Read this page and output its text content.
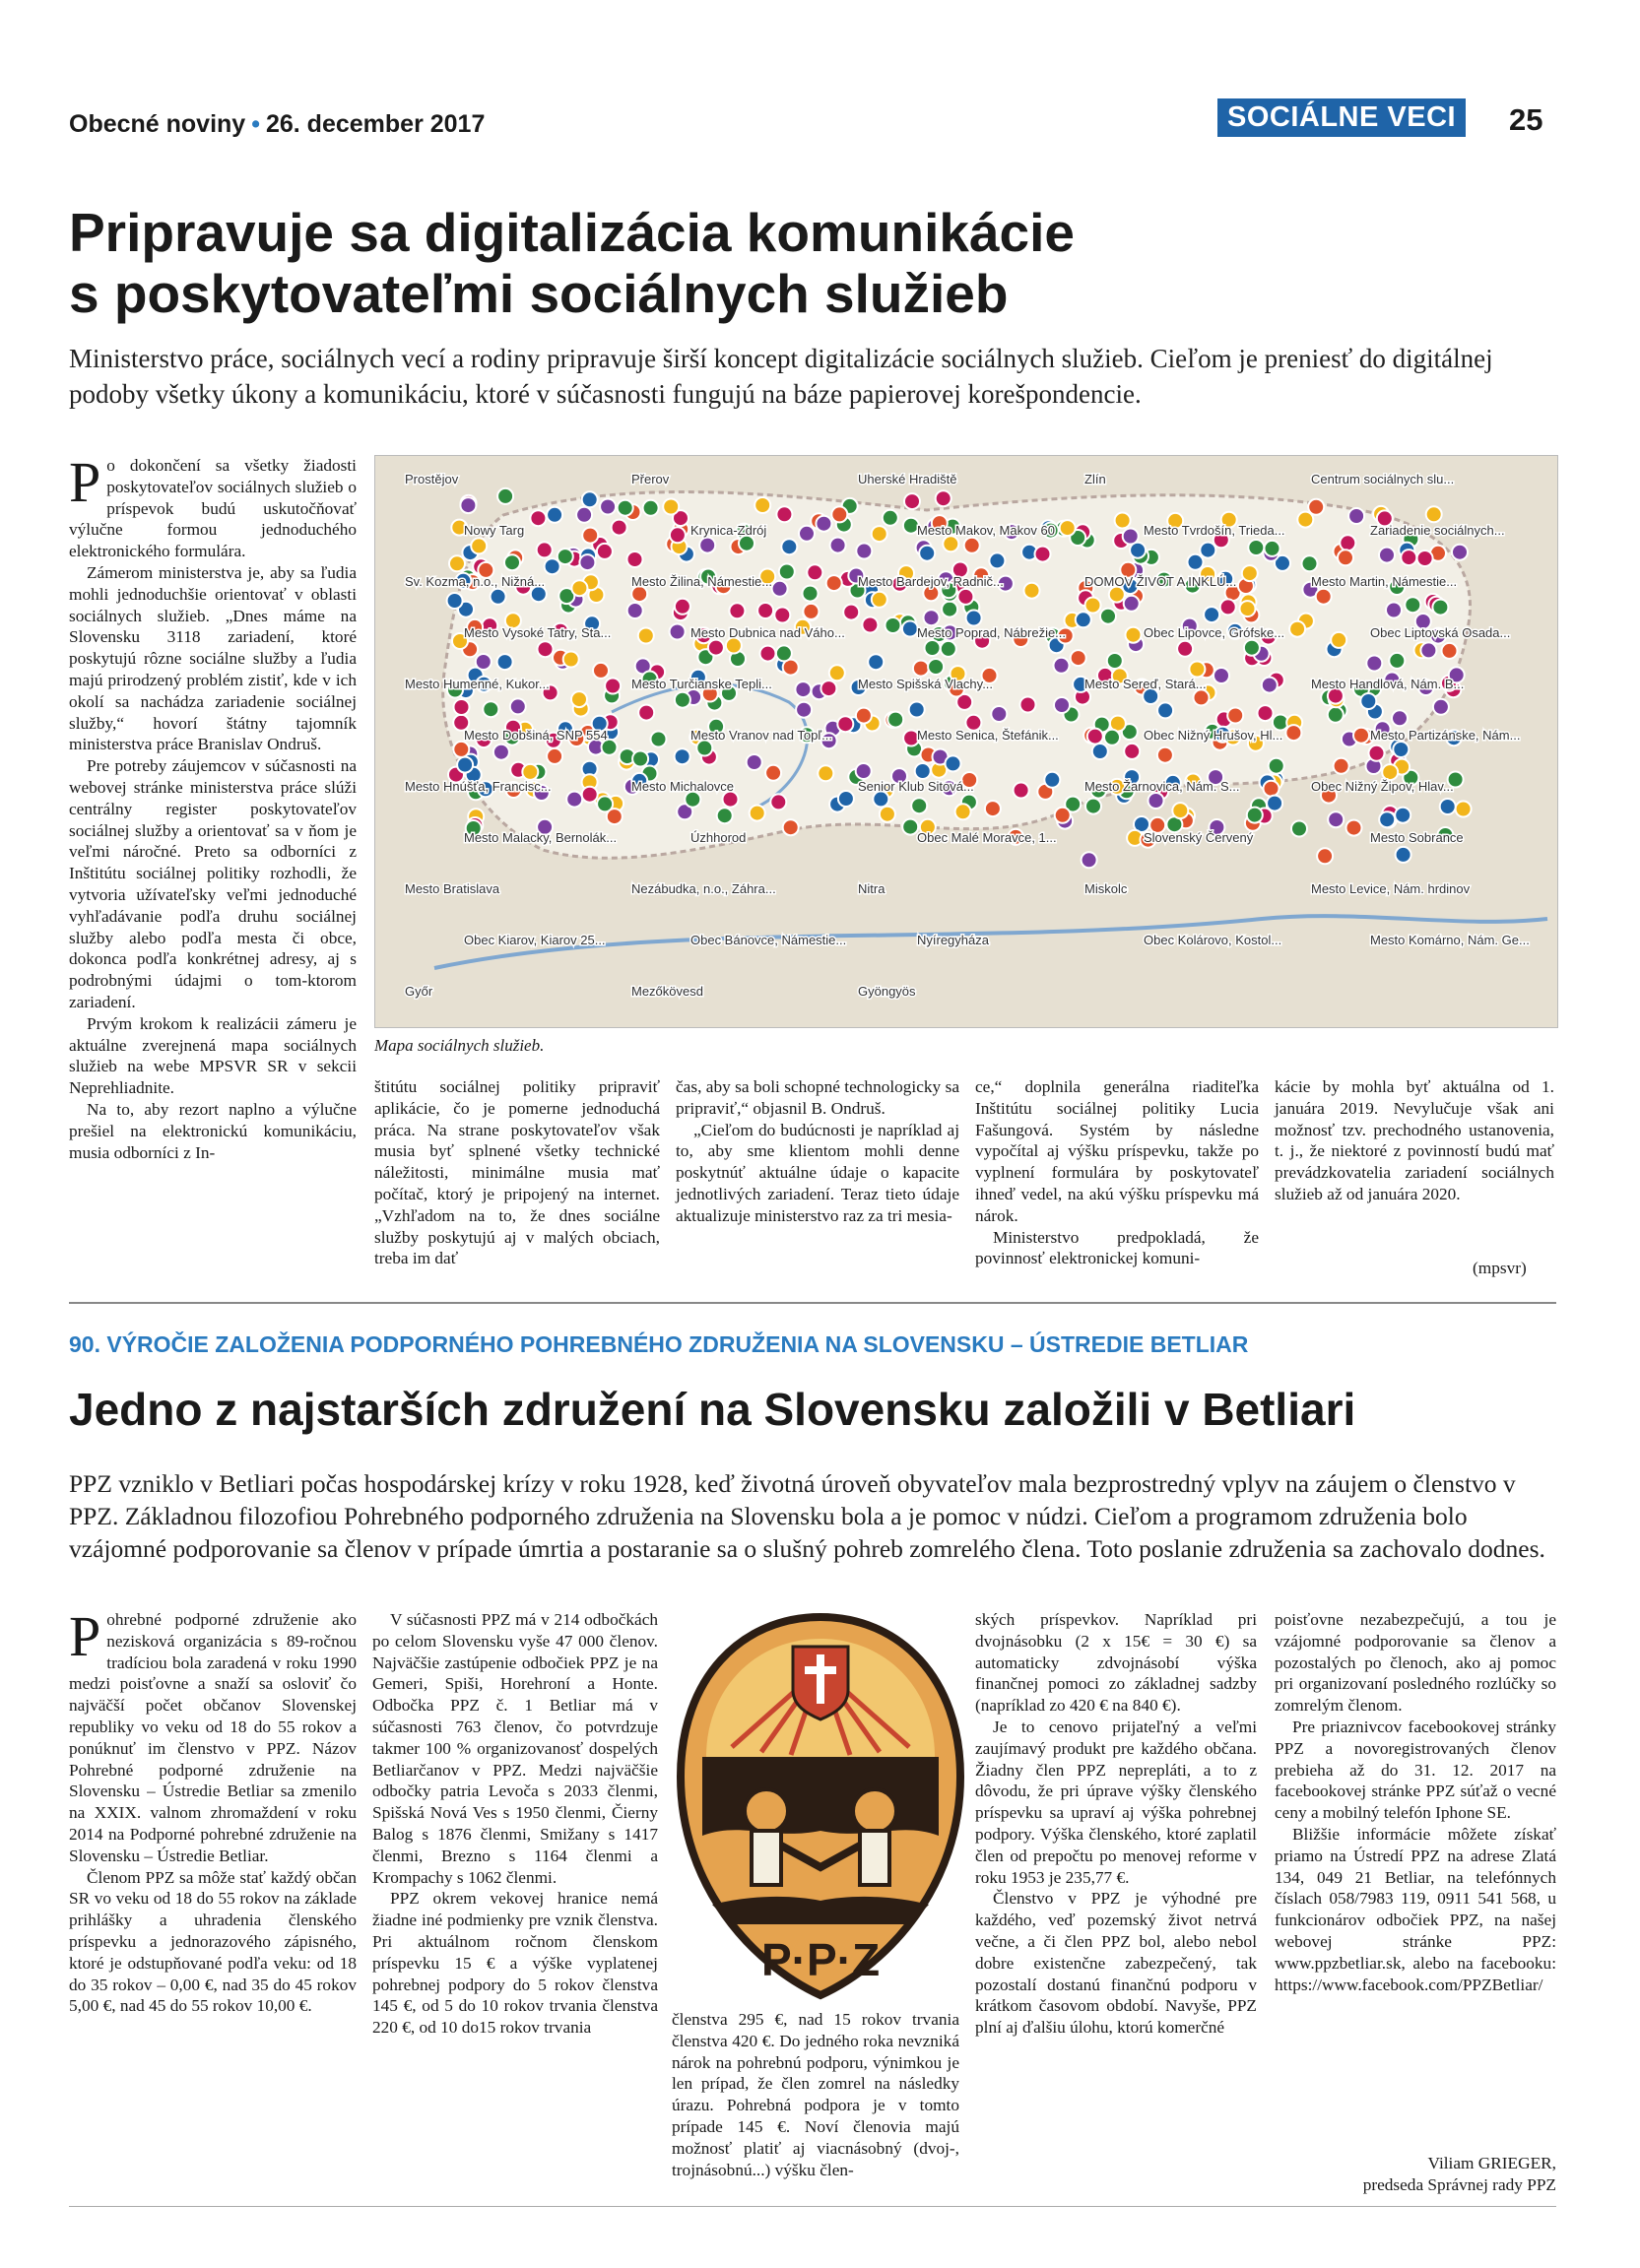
Obecné noviny • 26. december 2017	SOCIÁLNE VECI	25
Pripravuje sa digitalizácia komunikácie
s poskytovateľmi sociálnych služieb
Ministerstvo práce, sociálnych vecí a rodiny pripravuje širší koncept digitalizácie sociálnych služieb. Cieľom je preniesť do digitálnej podoby všetky úkony a komunikáciu, ktoré v súčasnosti fungujú na báze papierovej korešpondencie.

Po dokončení sa všetky žiadosti poskytovateľov sociálnych služieb o príspevok budú uskutočňovať výlučne formou jednoduchého elektronického formulára.

Zámerom ministerstva je, aby sa ľudia mohli jednoduchšie orientovať v oblasti sociálnych služieb. „Dnes máme na Slovensku 3118 zariadení, ktoré poskytujú rôzne sociálne služby a ľudia majú prirodzený problém zistiť, kde v ich okolí sa nachádza zariadenie sociálnej služby,“ hovorí štátny tajomník ministerstva práce Branislav Ondruš.

Pre potreby záujemcov v súčasnosti na webovej stránke ministerstva práce slúži centrálny register poskytovateľov sociálnej služby a orientovať sa v ňom je veľmi náročné. Preto sa odborníci z Inštitútu sociálnej politiky rozhodli, že vytvoria užívateľsky veľmi jednoduché vyhľadávanie podľa druhu sociálnej služby alebo podľa mesta či obce, dokonca podľa konkrétnej adresy, aj s podrobnými údajmi o tom-ktorom zariadení.

Prvým krokom k realizácii zámeru je aktuálne zverejnená mapa sociálnych služieb na webe MPSVR SR v sekcii Neprehliadnite.

Na to, aby rezort naplno a výlučne prešiel na elektronickú komunikáciu, musia odborníci z In-

Prostějov	Přerov	Uherské Hradiště	Zlín	Centrum sociálnych slu...
Nowy Targ	Krynica-Zdrój	Mesto Makov, Makov 60	Mesto Tvrdošín, Trieda...	Zariadenie sociálnych...
Sv. Kozma, n.o., Nižná...	Mesto Žilina, Námestie...	Mesto Bardejov, Radnič...	DOMOV ŽIVOT A INKLÚ...	Mesto Martin, Námestie...
Mesto Vysoké Tatry, Sta...	Mesto Dubnica nad Váho...	Mesto Poprad, Nábrežie...	Obec Lipovce, Grófske...	Obec Liptovská Osada...
Mesto Humenné, Kukor...	Mesto Turčianske Tepli...	Mesto Spišská Vlachy...	Mesto Sereď, Stará...	Mesto Handlová, Nám. B...
Mesto Dobšiná, SNP 554	Mesto Vranov nad Topľ...	Mesto Senica, Štefánik...	Obec Nižný Hrušov, Hl...	Mesto Partizánske, Nám...
Mesto Hnúšťa, Francisc...	Mesto Michalovce	Senior Klub Sitová...	Mesto Žarnovica, Nám. S...	Obec Nižný Žipov, Hlav...
Mesto Malacky, Bernolák...	Úzhhorod	Obec Malé Moravce, 1...	Slovenský Červený	Mesto Sobrance
Mesto Bratislava	Nezábudka, n.o., Záhra...	Nitra	Miskolc	Mesto Levice, Nám. hrdinov
Obec Kiarov, Kiarov 25...	Obec Bánovce, Námestie...	Nyíregyháza	Obec Kolárovo, Kostol...	Mesto Komárno, Nám. Ge...
Győr	Mezőkövesd	Gyöngyös
Mapa sociálnych služieb.

štitútu sociálnej politiky pripraviť aplikácie, čo je pomerne jednoduchá práca. Na strane poskytovateľov však musia byť splnené všetky technické náležitosti, minimálne musia mať počítač, ktorý je pripojený na internet. „Vzhľadom na to, že dnes sociálne služby poskytujú aj v malých obciach, treba im dať

čas, aby sa boli schopné technologicky sa pripraviť,“ objasnil B. Ondruš.

„Cieľom do budúcnosti je napríklad aj to, aby sme klientom mohli denne poskytnúť aktuálne údaje o kapacite jednotlivých zariadení. Teraz tieto údaje aktualizuje ministerstvo raz za tri mesia-

ce,“ doplnila generálna riaditeľka Inštitútu sociálnej politiky Lucia Fašungová. Systém by následne vypočítal aj výšku príspevku, takže po vyplnení formulára by poskytovateľ ihneď vedel, na akú výšku príspevku má nárok.

Ministerstvo predpokladá, že povinnosť elektronickej komuni-

kácie by mohla byť aktuálna od 1. januára 2019. Nevylučuje však ani možnosť tzv. prechodného ustanovenia, t. j., že niektoré z povinností budú mať prevádzkovatelia zariadení sociálnych služieb až od januára 2020.

(mpsvr)
90. VÝROČIE ZALOŽENIA PODPORNÉHO POHREBNÉHO ZDRUŽENIA NA SLOVENSKU – ÚSTREDIE BETLIAR
Jedno z najstarších združení na Slovensku založili v Betliari
PPZ vzniklo v Betliari počas hospodárskej krízy v roku 1928, keď životná úroveň obyvateľov mala bezprostredný vplyv na záujem o členstvo v PPZ. Základnou filozofiou Pohrebného podporného združenia na Slovensku bola a je pomoc v núdzi. Cieľom a programom združenia bolo vzájomné podporovanie sa členov v prípade úmrtia a postaranie sa o slušný pohreb zomrelého člena. Toto poslanie združenia sa zachovalo dodnes.

Pohrebné podporné združenie ako nezisková organizácia s 89-ročnou tradíciou bola zaradená v roku 1990 medzi poisťovne a snaží sa osloviť čo najväčší počet občanov Slovenskej republiky vo veku od 18 do 55 rokov a ponúknuť im členstvo v PPZ. Názov Pohrebné podporné združenie na Slovensku – Ústredie Betliar sa zmenilo na XXIX. valnom zhromaždení v roku 2014 na Podporné pohrebné združenie na Slovensku – Ústredie Betliar.

Členom PPZ sa môže stať každý občan SR vo veku od 18 do 55 rokov na základe prihlášky a uhradenia členského príspevku a jednorazového zápisného, ktoré je odstupňované podľa veku: od 18 do 35 rokov – 0,00 €, nad 35 do 45 rokov 5,00 €, nad 45 do 55 rokov 10,00 €.

V súčasnosti PPZ má v 214 odbočkách po celom Slovensku vyše 47 000 členov. Najväčšie zastúpenie odbočiek PPZ je na Gemeri, Spiši, Horehroní a Honte. Odbočka PPZ č. 1 Betliar má v súčasnosti 763 členov, čo potvrdzuje takmer 100 % organizovanosť dospelých Betliarčanov v PPZ. Medzi najväčšie odbočky patria Levoča s 2033 členmi, Spišská Nová Ves s 1950 členmi, Čierny Balog s 1876 členmi, Smižany s 1417 členmi, Brezno s 1164 členmi a Krompachy s 1062 členmi.

PPZ okrem vekovej hranice nemá žiadne iné podmienky pre vznik členstva. Pri aktuálnom ročnom členskom príspevku 15 € a výške vyplatenej pohrebnej podpory do 5 rokov členstva 145 €, od 5 do 10 rokov trvania členstva 220 €, od 10 do15 rokov trvania

P·P·Z

členstva 295 €, nad 15 rokov trvania členstva 420 €. Do jedného roka nevzniká nárok na pohrebnú podporu, výnimkou je len prípad, že člen zomrel na následky úrazu. Pohrebná podpora je v tomto prípade 145 €. Noví členovia majú možnosť platiť aj viacnásobný (dvoj-, trojnásobnú...) výšku člen-

ských príspevkov. Napríklad pri dvojnásobku (2 x 15€ = 30 €) sa automaticky zdvojnásobí výška finančnej pomoci zo základnej sadzby (napríklad zo 420 € na 840 €).

Je to cenovo prijateľný a veľmi zaujímavý produkt pre každého občana. Žiadny člen PPZ neprepláti, a to z dôvodu, že pri úprave výšky členského príspevku sa upraví aj výška pohrebnej podpory. Výška členského, ktoré zaplatil člen od prepočtu po menovej reforme v roku 1953 je 235,77 €.

Členstvo v PPZ je výhodné pre každého, veď pozemský život netrvá večne, a či člen PPZ bol, alebo nebol dobre existenčne zabezpečený, tak pozostalí dostanú finančnú podporu v krátkom časovom období. Navyše, PPZ plní aj ďalšiu úlohu, ktorú komerčné

poisťovne nezabezpečujú, a tou je vzájomné podporovanie sa členov a pozostalých po členoch, ako aj pomoc pri organizovaní posledného rozlúčky so zomrelým členom.

Pre priaznivcov facebookovej stránky PPZ a novoregistrovaných členov prebieha až do 31. 12. 2017 na facebookovej stránke PPZ súťaž o vecné ceny a mobilný telefón Iphone SE.

Bližšie informácie môžete získať priamo na Ústredí PPZ na adrese Zlatá 134, 049 21 Betliar, na telefónnych číslach 058/7983 119, 0911 541 568, u funkcionárov odbočiek PPZ, na našej webovej stránke PPZ: www.ppzbetliar.sk, alebo na facebooku: https://www.facebook.com/PPZBetliar/

Viliam GRIEGER,
predseda Správnej rady PPZ
